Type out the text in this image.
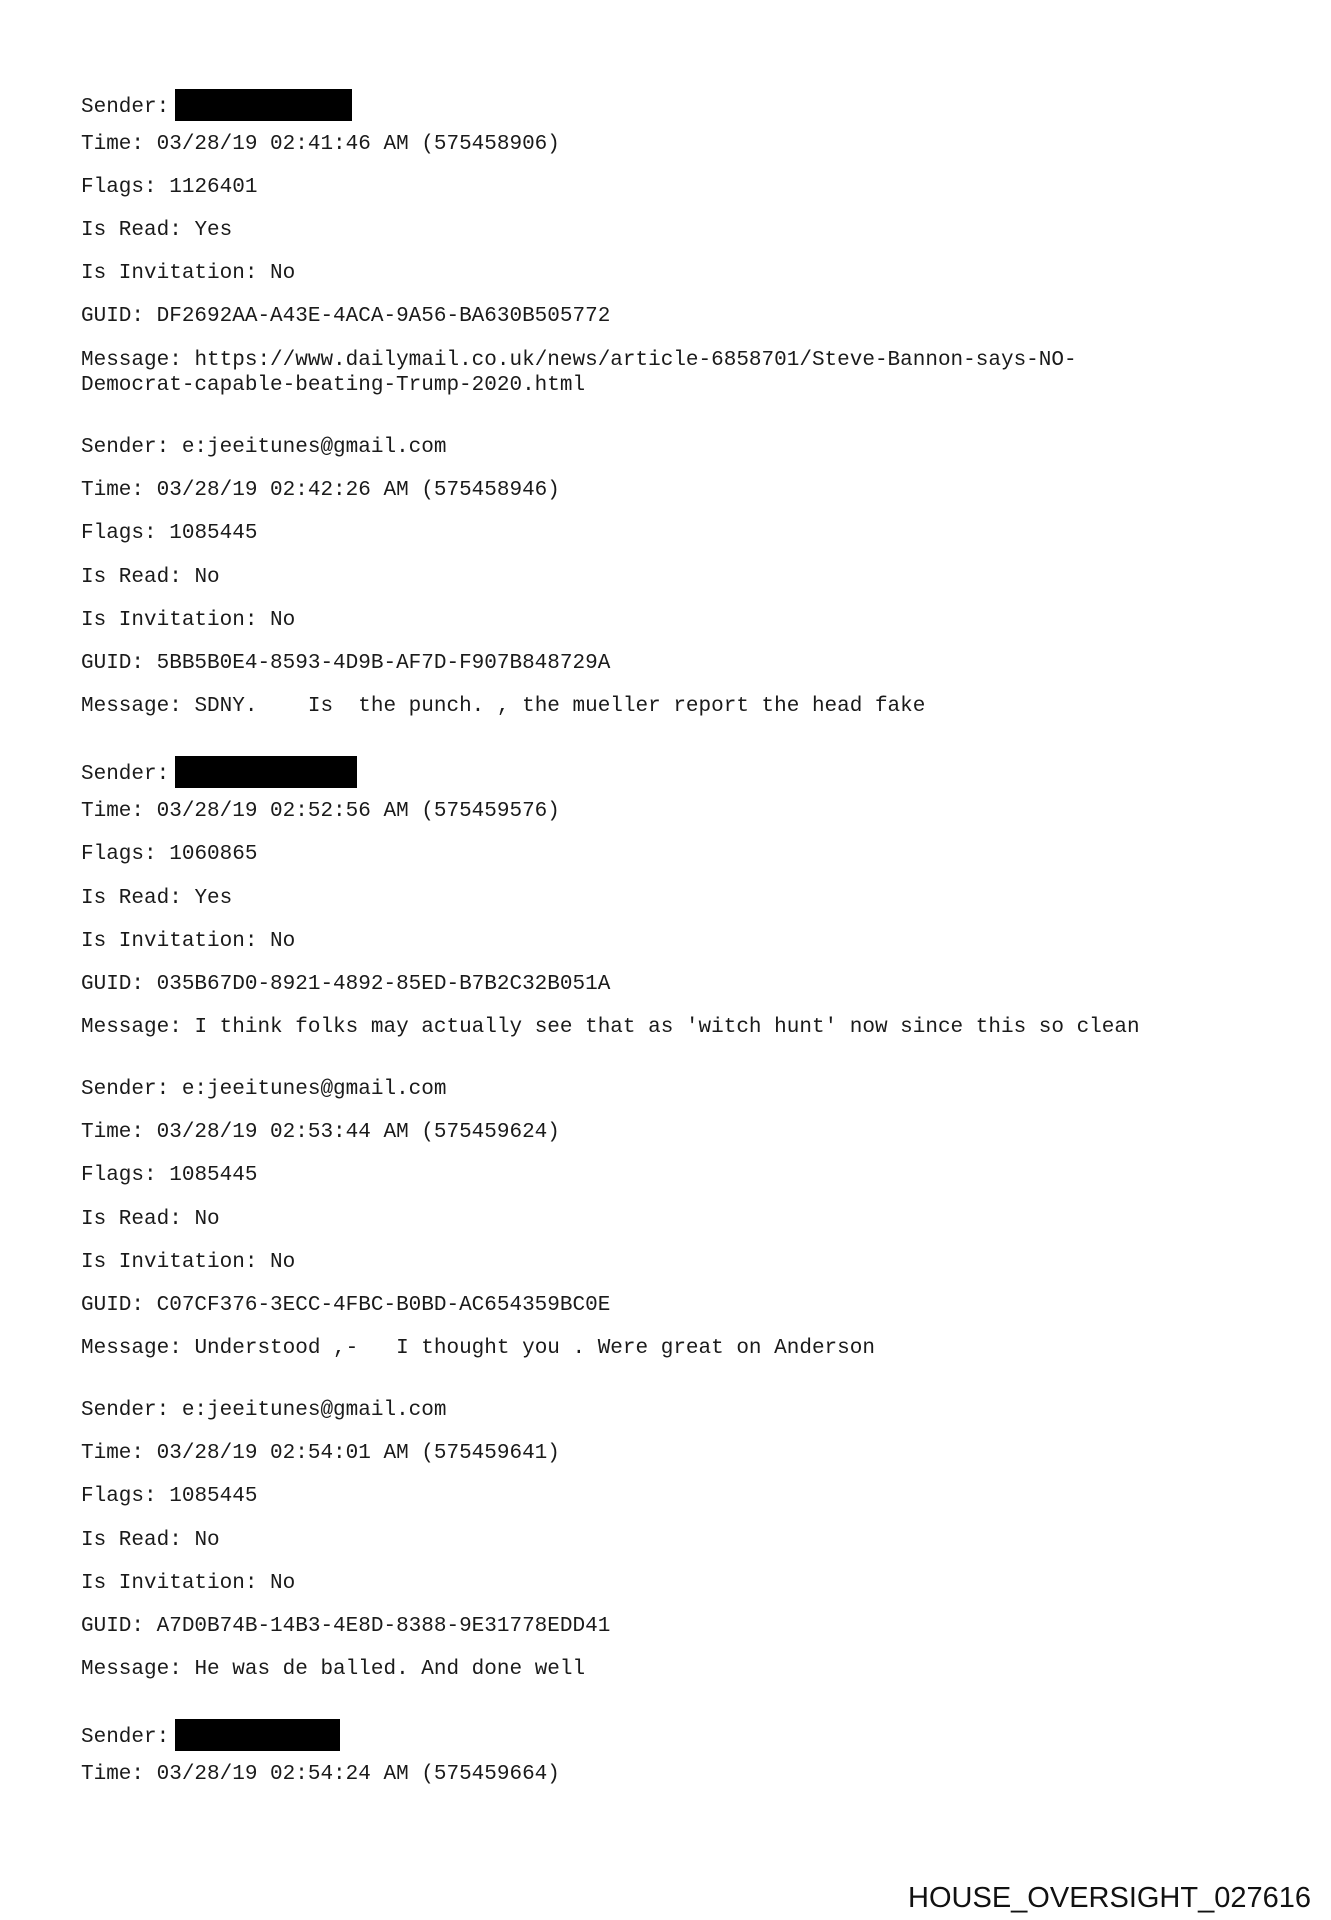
Sender:

Time: 03/28/19 02:41:46 AM (575458906)

Flags: 1126401

Is Read: Yes

Is Invitation: No

GUID: DF2692AA-A43E-4ACA-9A56-BA630B505772

Message: https://www.dailymail.co.uk/news/article-6858701/Steve-Bannon-says-NO-

Democrat-capable-beating-Trump-2020.html

Sender: e:jeeitunes@gmail.com

Time: 03/28/19 02:42:26 AM (575458946)

Flags: 1085445

Is Read: No

Is Invitation: No

GUID: 5BB5B0E4-8593-4D9B-AF7D-F907B848729A

Message: SDNY.    Is  the punch. , the mueller report the head fake

Sender:

Time: 03/28/19 02:52:56 AM (575459576)

Flags: 1060865

Is Read: Yes

Is Invitation: No

GUID: 035B67D0-8921-4892-85ED-B7B2C32B051A

Message: I think folks may actually see that as 'witch hunt' now since this so clean

Sender: e:jeeitunes@gmail.com

Time: 03/28/19 02:53:44 AM (575459624)

Flags: 1085445

Is Read: No

Is Invitation: No

GUID: C07CF376-3ECC-4FBC-B0BD-AC654359BC0E

Message: Understood ,-   I thought you . Were great on Anderson

Sender: e:jeeitunes@gmail.com

Time: 03/28/19 02:54:01 AM (575459641)

Flags: 1085445

Is Read: No

Is Invitation: No

GUID: A7D0B74B-14B3-4E8D-8388-9E31778EDD41

Message: He was de balled. And done well

Sender:

Time: 03/28/19 02:54:24 AM (575459664)

HOUSE_OVERSIGHT_027616
